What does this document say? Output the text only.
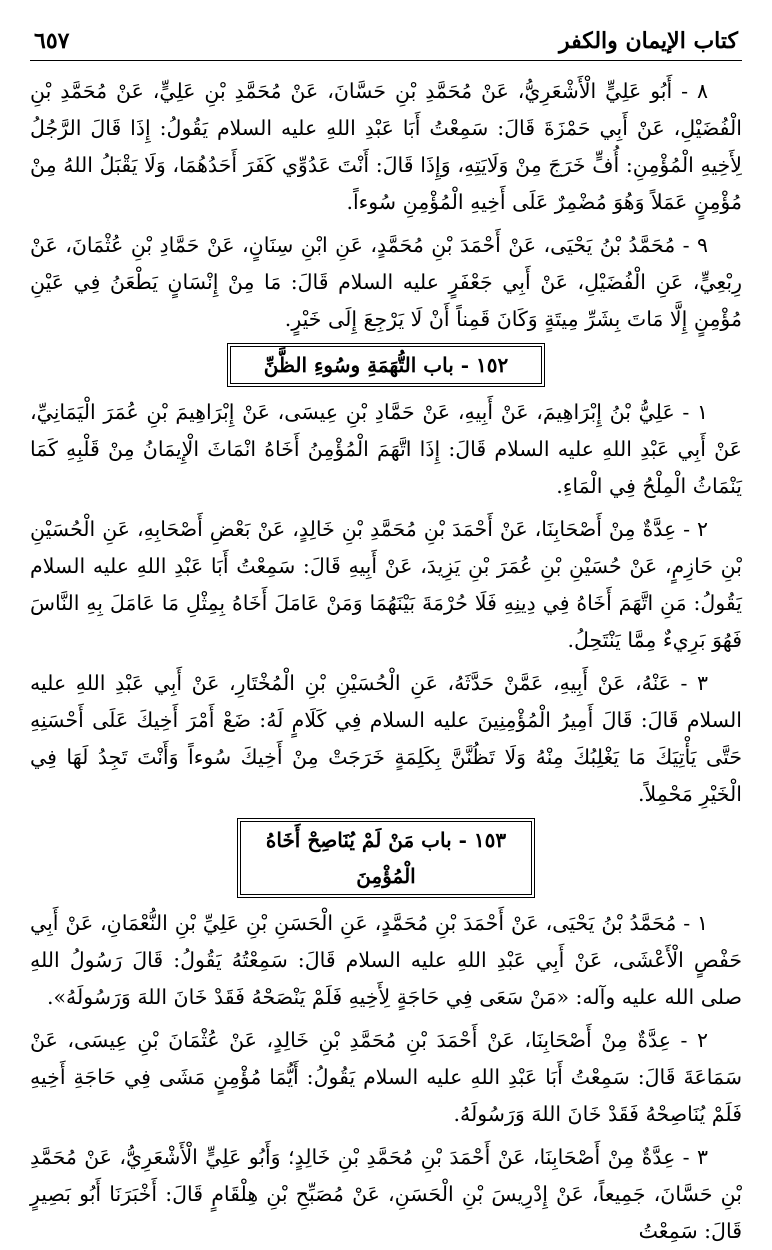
كتاب الإيمان والكفر
٦٥٧

٨ - أَبُو عَلِيٍّ الْأَشْعَرِيُّ، عَنْ مُحَمَّدِ بْنِ حَسَّانَ، عَنْ مُحَمَّدِ بْنِ عَلِيٍّ، عَنْ مُحَمَّدِ بْنِ الْفُضَيْلِ، عَنْ أَبِي حَمْزَةَ قَالَ: سَمِعْتُ أَبَا عَبْدِ اللهِ عليه السلام يَقُولُ: إِذَا قَالَ الرَّجُلُ لِأَخِيهِ الْمُؤْمِنِ: أُفٍّ خَرَجَ مِنْ وَلَايَتِهِ، وَإِذَا قَالَ: أَنْتَ عَدُوِّي كَفَرَ أَحَدُهُمَا، وَلَا يَقْبَلُ اللهُ مِنْ مُؤْمِنٍ عَمَلاً وَهُوَ مُضْمِرٌ عَلَى أَخِيهِ الْمُؤْمِنِ سُوءاً.

٩ - مُحَمَّدُ بْنُ يَحْيَى، عَنْ أَحْمَدَ بْنِ مُحَمَّدٍ، عَنِ ابْنِ سِنَانٍ، عَنْ حَمَّادِ بْنِ عُثْمَانَ، عَنْ رِبْعِيٍّ، عَنِ الْفُضَيْلِ، عَنْ أَبِي جَعْفَرٍ عليه السلام قَالَ: مَا مِنْ إِنْسَانٍ يَطْعَنُ فِي عَيْنِ مُؤْمِنٍ إِلَّا مَاتَ بِشَرِّ مِيتَةٍ وَكَانَ قَمِناً أَنْ لَا يَرْجِعَ إِلَى خَيْرٍ.

١٥٢ - باب التُّهَمَةِ وسُوءِ الظَّنِّ

١ - عَلِيُّ بْنُ إِبْرَاهِيمَ، عَنْ أَبِيهِ، عَنْ حَمَّادِ بْنِ عِيسَى، عَنْ إِبْرَاهِيمَ بْنِ عُمَرَ الْيَمَانِيِّ، عَنْ أَبِي عَبْدِ اللهِ عليه السلام قَالَ: إِذَا اتَّهَمَ الْمُؤْمِنُ أَخَاهُ انْمَاثَ الْإِيمَانُ مِنْ قَلْبِهِ كَمَا يَنْمَاثُ الْمِلْحُ فِي الْمَاءِ.

٢ - عِدَّةٌ مِنْ أَصْحَابِنَا، عَنْ أَحْمَدَ بْنِ مُحَمَّدِ بْنِ خَالِدٍ، عَنْ بَعْضِ أَصْحَابِهِ، عَنِ الْحُسَيْنِ بْنِ حَازِمٍ، عَنْ حُسَيْنِ بْنِ عُمَرَ بْنِ يَزِيدَ، عَنْ أَبِيهِ قَالَ: سَمِعْتُ أَبَا عَبْدِ اللهِ عليه السلام يَقُولُ: مَنِ اتَّهَمَ أَخَاهُ فِي دِينِهِ فَلَا حُرْمَةَ بَيْنَهُمَا وَمَنْ عَامَلَ أَخَاهُ بِمِثْلِ مَا عَامَلَ بِهِ النَّاسَ فَهُوَ بَرِيءٌ مِمَّا يَنْتَحِلُ.

٣ - عَنْهُ، عَنْ أَبِيهِ، عَمَّنْ حَدَّثَهُ، عَنِ الْحُسَيْنِ بْنِ الْمُخْتَارِ، عَنْ أَبِي عَبْدِ اللهِ عليه السلام قَالَ: قَالَ أَمِيرُ الْمُؤْمِنِينَ عليه السلام فِي كَلَامٍ لَهُ: ضَعْ أَمْرَ أَخِيكَ عَلَى أَحْسَنِهِ حَتَّى يَأْتِيَكَ مَا يَغْلِبُكَ مِنْهُ وَلَا تَظُنَّنَّ بِكَلِمَةٍ خَرَجَتْ مِنْ أَخِيكَ سُوءاً وَأَنْتَ تَجِدُ لَهَا فِي الْخَيْرِ مَحْمِلاً.

١٥٣ - باب مَنْ لَمْ يُنَاصِحْ أَخَاهُ الْمُؤْمِنَ

١ - مُحَمَّدُ بْنُ يَحْيَى، عَنْ أَحْمَدَ بْنِ مُحَمَّدٍ، عَنِ الْحَسَنِ بْنِ عَلِيِّ بْنِ النُّعْمَانِ، عَنْ أَبِي حَفْصٍ الْأَعْشَى، عَنْ أَبِي عَبْدِ اللهِ عليه السلام قَالَ: سَمِعْتُهُ يَقُولُ: قَالَ رَسُولُ اللهِ صلى الله عليه وآله: «مَنْ سَعَى فِي حَاجَةٍ لِأَخِيهِ فَلَمْ يَنْصَحْهُ فَقَدْ خَانَ اللهَ وَرَسُولَهُ».

٢ - عِدَّةٌ مِنْ أَصْحَابِنَا، عَنْ أَحْمَدَ بْنِ مُحَمَّدِ بْنِ خَالِدٍ، عَنْ عُثْمَانَ بْنِ عِيسَى، عَنْ سَمَاعَةَ قَالَ: سَمِعْتُ أَبَا عَبْدِ اللهِ عليه السلام يَقُولُ: أَيُّمَا مُؤْمِنٍ مَشَى فِي حَاجَةِ أَخِيهِ فَلَمْ يُنَاصِحْهُ فَقَدْ خَانَ اللهَ وَرَسُولَهُ.

٣ - عِدَّةٌ مِنْ أَصْحَابِنَا، عَنْ أَحْمَدَ بْنِ مُحَمَّدِ بْنِ خَالِدٍ؛ وَأَبُو عَلِيٍّ الْأَشْعَرِيُّ، عَنْ مُحَمَّدِ بْنِ حَسَّانَ، جَمِيعاً، عَنْ إِدْرِيسَ بْنِ الْحَسَنِ، عَنْ مُصَبِّحِ بْنِ هِلْقَامٍ قَالَ: أَخْبَرَنَا أَبُو بَصِيرٍ قَالَ: سَمِعْتُ
